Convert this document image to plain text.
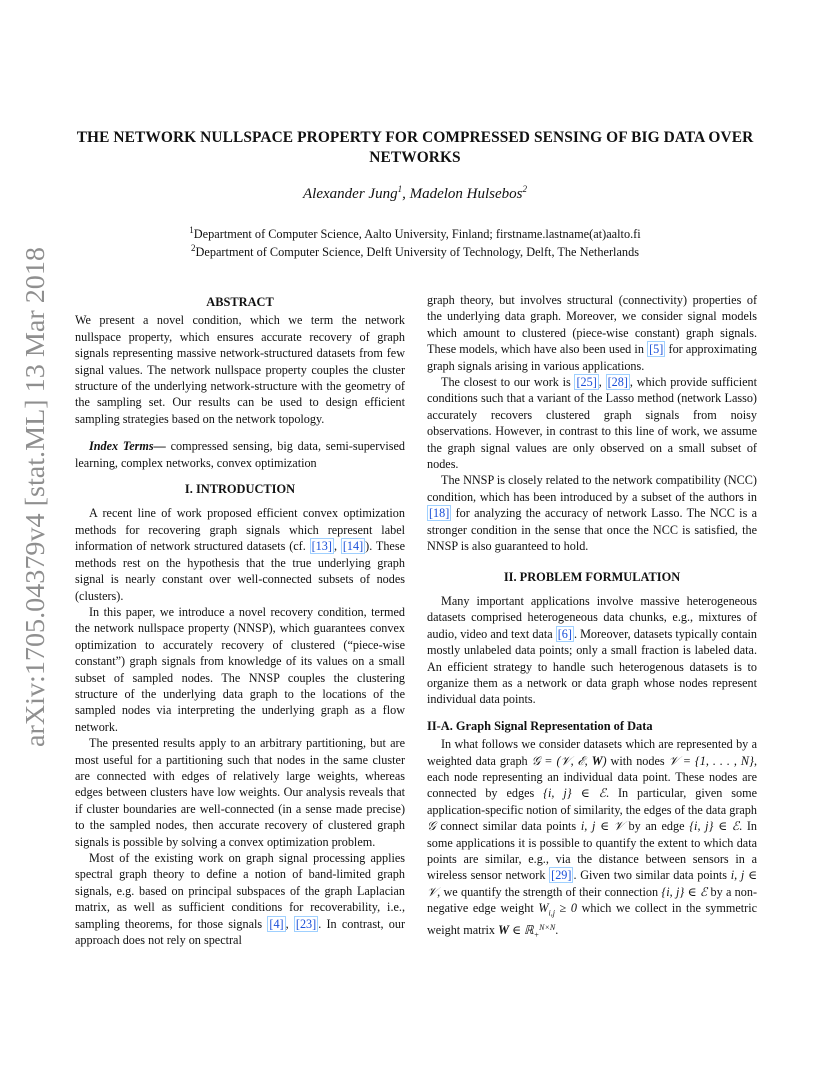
arXiv:1705.04379v4 [stat.ML] 13 Mar 2018
THE NETWORK NULLSPACE PROPERTY FOR COMPRESSED SENSING OF BIG DATA OVER NETWORKS
Alexander Jung$^1$, Madelon Hulsebos$^2$
$^1$Department of Computer Science, Aalto University, Finland; firstname.lastname(at)aalto.fi
$^2$Department of Computer Science, Delft University of Technology, Delft, The Netherlands
ABSTRACT

We present a novel condition, which we term the network nullspace property, which ensures accurate recovery of graph signals representing massive network-structured datasets from few signal values. The network nullspace property couples the cluster structure of the underlying network-structure with the geometry of the sampling set. Our results can be used to design efficient sampling strategies based on the network topology.

Index Terms— compressed sensing, big data, semi-supervised learning, complex networks, convex optimization

I. INTRODUCTION

A recent line of work proposed efficient convex optimization methods for recovering graph signals which represent label information of network structured datasets (cf. [13] , [14] ). These methods rest on the hypothesis that the true underlying graph signal is nearly constant over well-connected subsets of nodes (clusters).

In this paper, we introduce a novel recovery condition, termed the network nullspace property (NNSP), which guarantees convex optimization to accurately recovery of clustered (“piece-wise constant”) graph signals from knowledge of its values on a small subset of sampled nodes. The NNSP couples the clustering structure of the underlying data graph to the locations of the sampled nodes via interpreting the underlying graph as a flow network.

The presented results apply to an arbitrary partitioning, but are most useful for a partitioning such that nodes in the same cluster are connected with edges of relatively large weights, whereas edges between clusters have low weights. Our analysis reveals that if cluster boundaries are well-connected (in a sense made precise) to the sampled nodes, then accurate recovery of clustered graph signals is possible by solving a convex optimization problem.

Most of the existing work on graph signal processing applies spectral graph theory to define a notion of band-limited graph signals, e.g. based on principal subspaces of the graph Laplacian matrix, as well as sufficient conditions for recoverability, i.e., sampling theorems, for those signals [4] , [23] . In contrast, our approach does not rely on spectral

graph theory, but involves structural (connectivity) properties of the underlying data graph. Moreover, we consider signal models which amount to clustered (piece-wise constant) graph signals. These models, which have also been used in [5] for approximating graph signals arising in various applications.

The closest to our work is [25] , [28] , which provide sufficient conditions such that a variant of the Lasso method (network Lasso) accurately recovers clustered graph signals from noisy observations. However, in contrast to this line of work, we assume the graph signal values are only observed on a small subset of nodes.

The NNSP is closely related to the network compatibility (NCC) condition, which has been introduced by a subset of the authors in [18] for analyzing the accuracy of network Lasso. The NCC is a stronger condition in the sense that once the NCC is satisfied, the NNSP is also guaranteed to hold.

II. PROBLEM FORMULATION

Many important applications involve massive heterogeneous datasets comprised heterogeneous data chunks, e.g., mixtures of audio, video and text data [6] . Moreover, datasets typically contain mostly unlabeled data points; only a small fraction is labeled data. An efficient strategy to handle such heterogenous datasets is to organize them as a network or data graph whose nodes represent individual data points.

II-A. Graph Signal Representation of Data

In what follows we consider datasets which are represented by a weighted data graph 𝒢 = (𝒱, ℰ, W) with nodes 𝒱 = {1, . . . , N}, each node representing an individual data point. These nodes are connected by edges {i, j} ∈ ℰ. In particular, given some application-specific notion of similarity, the edges of the data graph 𝒢 connect similar data points i, j ∈ 𝒱 by an edge {i, j} ∈ ℰ. In some applications it is possible to quantify the extent to which data points are similar, e.g., via the distance between sensors in a wireless sensor network [29] . Given two similar data points i, j ∈ 𝒱, we quantify the strength of their connection {i, j} ∈ ℰ by a non-negative edge weight $W_{i,j} \ge 0$ which we collect in the symmetric weight matrix W ∈ ℝ$_+^{N\times N}$.
